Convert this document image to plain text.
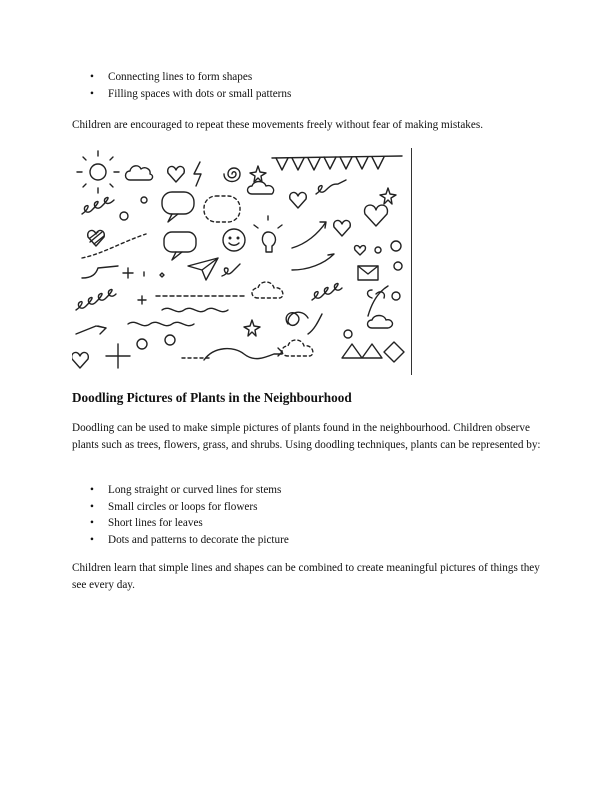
• Connecting lines to form shapes
• Filling spaces with dots or small patterns

Children are encouraged to repeat these movements freely without fear of making mistakes.

Doodling Pictures of Plants in the Neighbourhood

Doodling can be used to make simple pictures of plants found in the neighbourhood. Children observe plants such as trees, flowers, grass, and shrubs. Using doodling techniques, plants can be represented by:

• Long straight or curved lines for stems
• Small circles or loops for flowers
• Short lines for leaves
• Dots and patterns to decorate the picture

Children learn that simple lines and shapes can be combined to create meaningful pictures of things they see every day.
